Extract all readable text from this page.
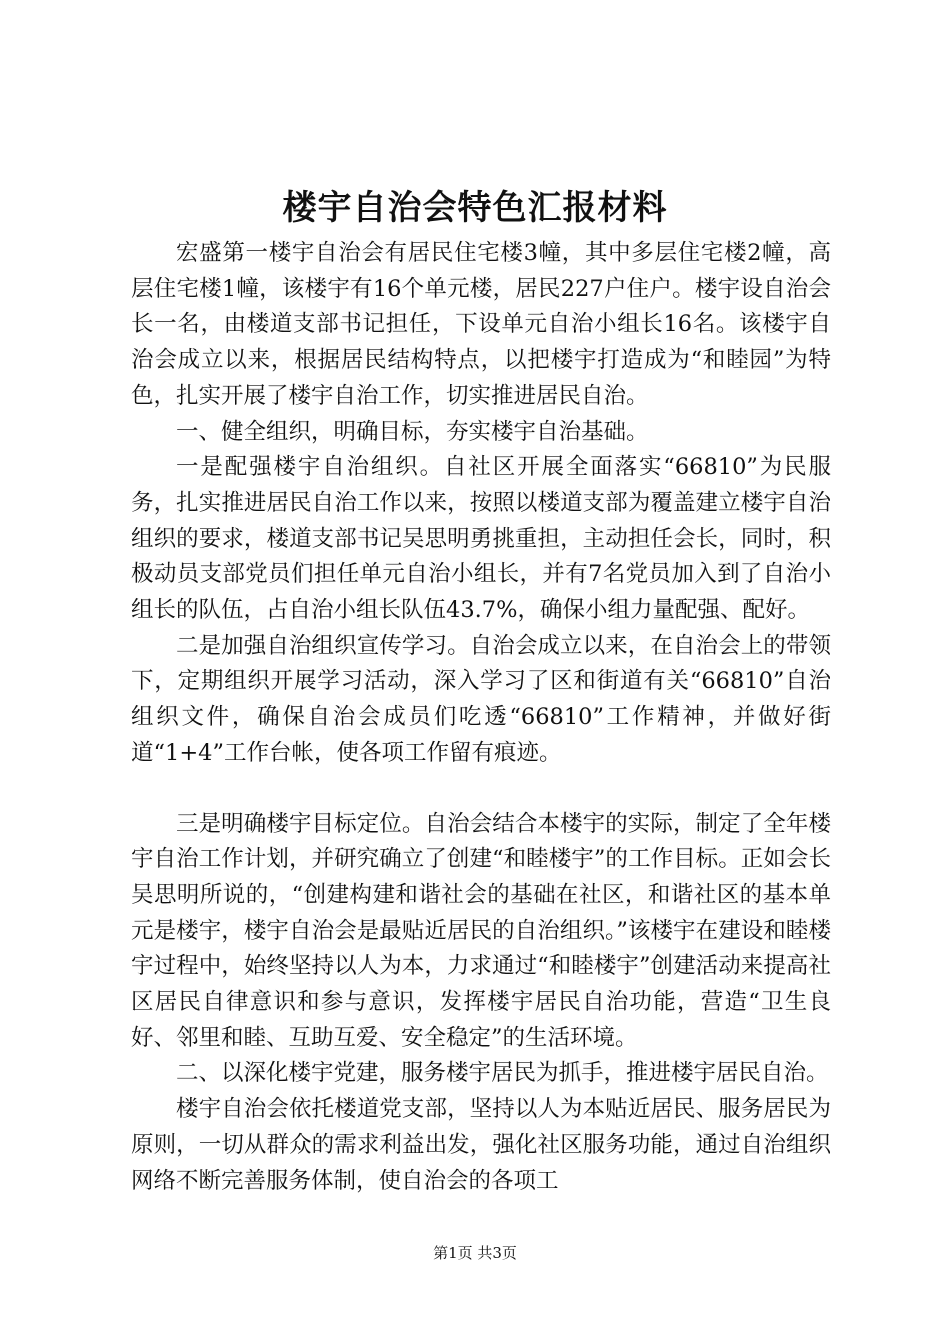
楼宇自治会特色汇报材料

宏盛第一楼宇自治会有居民住宅楼3幢，其中多层住宅楼2幢，高层住宅楼1幢，该楼宇有16个单元楼，居民227户住户。楼宇设自治会长一名，由楼道支部书记担任，下设单元自治小组长16名。该楼宇自治会成立以来，根据居民结构特点，以把楼宇打造成为“和睦园”为特色，扎实开展了楼宇自治工作，切实推进居民自治。

一、健全组织，明确目标，夯实楼宇自治基础。

一是配强楼宇自治组织。自社区开展全面落实“66810”为民服务，扎实推进居民自治工作以来，按照以楼道支部为覆盖建立楼宇自治组织的要求，楼道支部书记吴思明勇挑重担，主动担任会长，同时，积极动员支部党员们担任单元自治小组长，并有7名党员加入到了自治小组长的队伍，占自治小组长队伍43.7%，确保小组力量配强、配好。

二是加强自治组织宣传学习。自治会成立以来，在自治会上的带领下，定期组织开展学习活动，深入学习了区和街道有关“66810”自治组织文件，确保自治会成员们吃透“66810”工作精神，并做好街道“1+4”工作台帐，使各项工作留有痕迹。

三是明确楼宇目标定位。自治会结合本楼宇的实际，制定了全年楼宇自治工作计划，并研究确立了创建“和睦楼宇”的工作目标。正如会长吴思明所说的，“创建构建和谐社会的基础在社区，和谐社区的基本单元是楼宇，楼宇自治会是最贴近居民的自治组织。”该楼宇在建设和睦楼宇过程中，始终坚持以人为本，力求通过“和睦楼宇”创建活动来提高社区居民自律意识和参与意识，发挥楼宇居民自治功能，营造“卫生良好、邻里和睦、互助互爱、安全稳定”的生活环境。

二、以深化楼宇党建，服务楼宇居民为抓手，推进楼宇居民自治。

楼宇自治会依托楼道党支部，坚持以人为本贴近居民、服务居民为原则，一切从群众的需求利益出发，强化社区服务功能，通过自治组织网络不断完善服务体制，使自治会的各项工

第1页 共3页
